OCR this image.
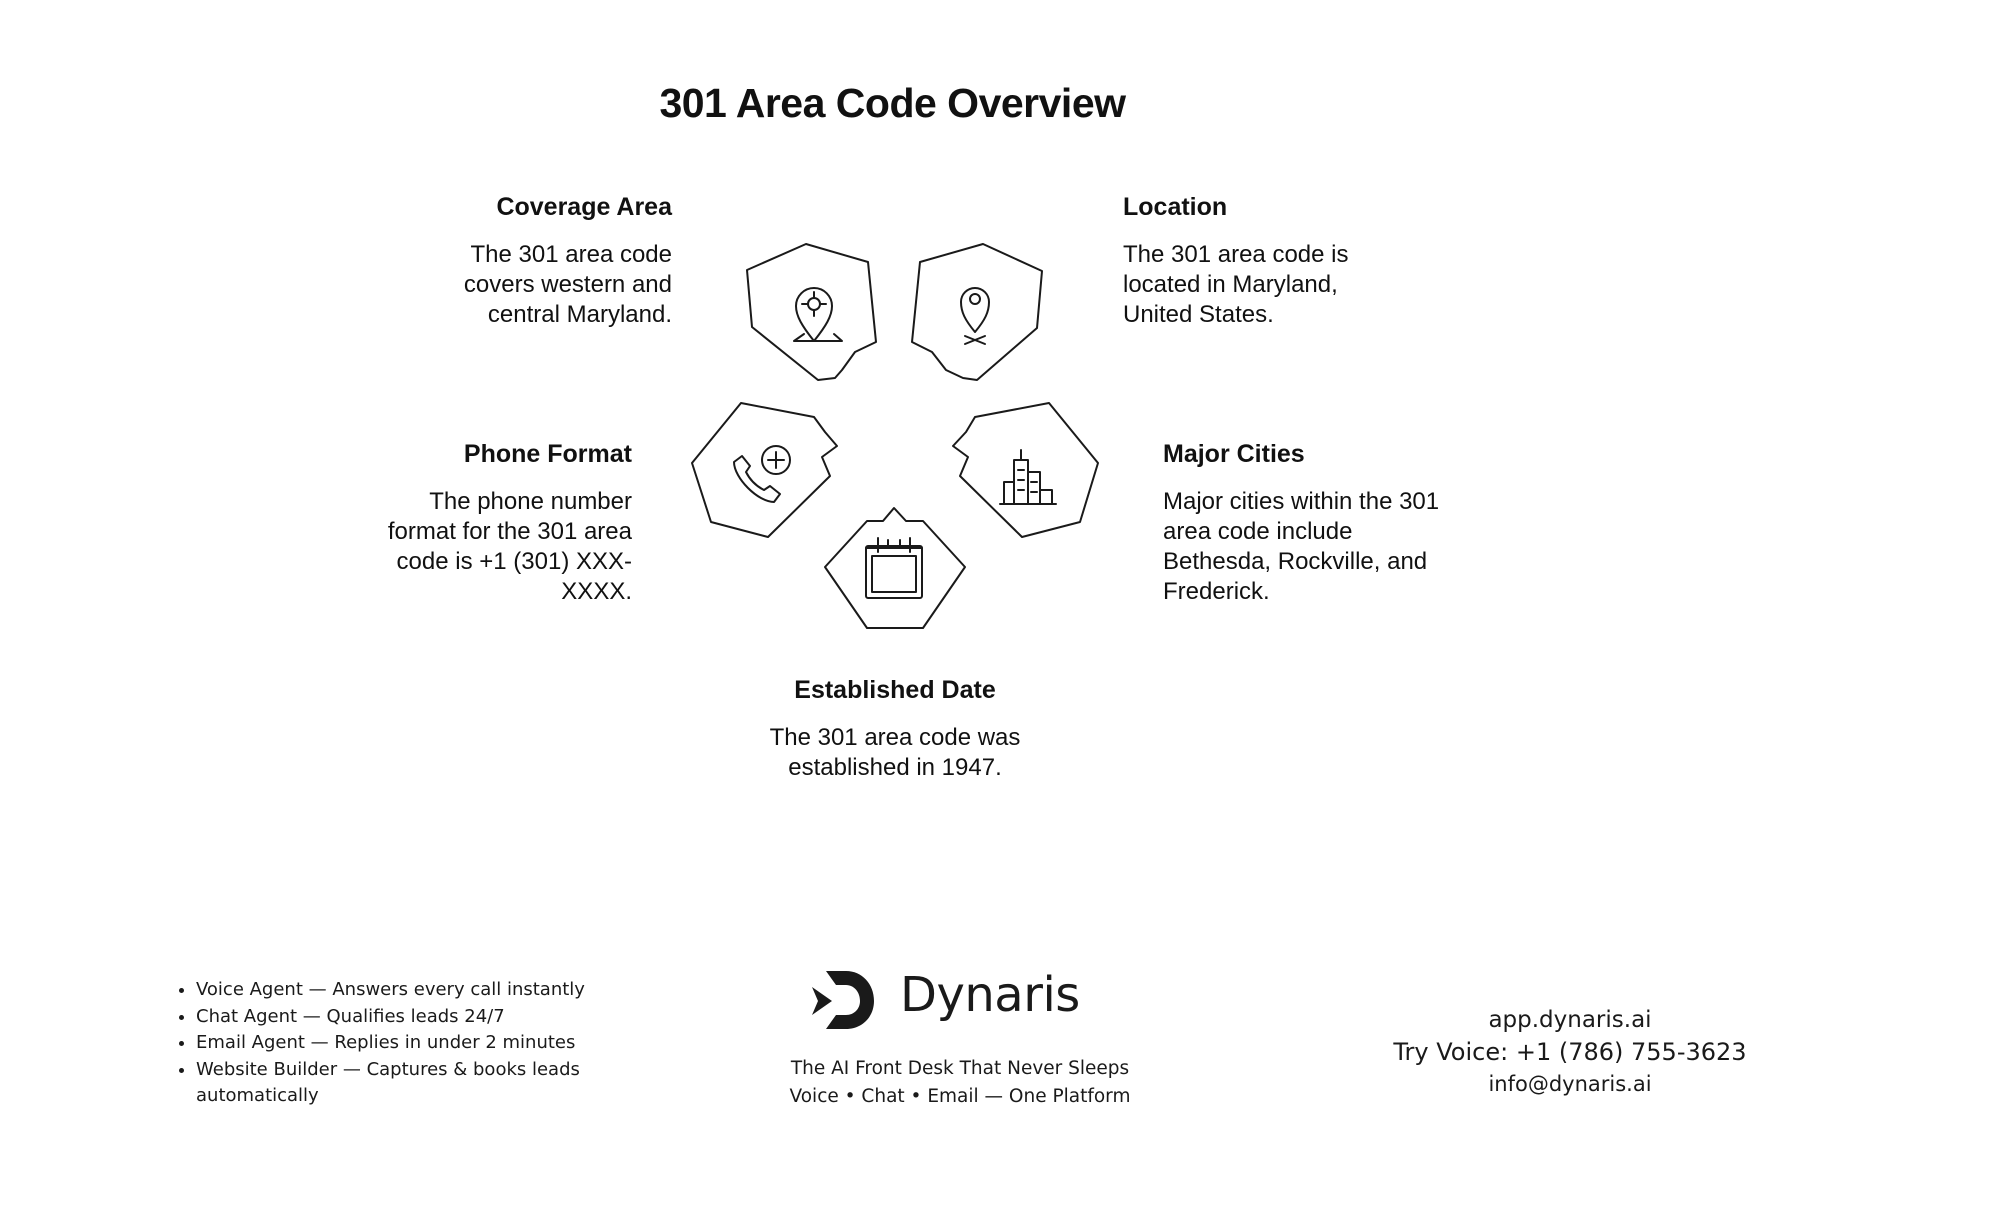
301 Area Code Overview
Coverage Area
The 301 area code covers western and central Maryland.
Location
The 301 area code is located in Maryland, United States.
Phone Format
The phone number format for the 301 area code is +1 (301) XXX-XXXX.
Major Cities
Major cities within the 301 area code include Bethesda, Rockville, and Frederick.
Established Date
The 301 area code was established in 1947.
• Voice Agent — Answers every call instantly
• Chat Agent — Qualifies leads 24/7
• Email Agent — Replies in under 2 minutes
• Website Builder — Captures & books leads automatically
Dynaris
The AI Front Desk That Never Sleeps
Voice • Chat • Email — One Platform
app.dynaris.ai
Try Voice: +1 (786) 755-3623
info@dynaris.ai
